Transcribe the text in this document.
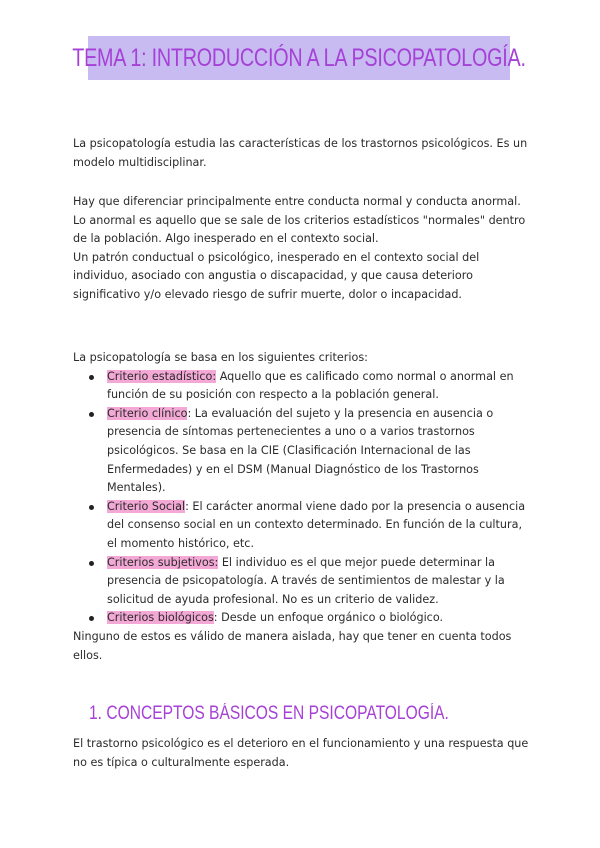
TEMA 1: INTRODUCCIÓN A LA PSICOPATOLOGÍA.
La psicopatología estudia las características de los trastornos psicológicos. Es un modelo multidisciplinar.
Hay que diferenciar principalmente entre conducta normal y conducta anormal.
Lo anormal es aquello que se sale de los criterios estadísticos "normales" dentro de la población. Algo inesperado en el contexto social.
Un patrón conductual o psicológico, inesperado en el contexto social del individuo, asociado con angustia o discapacidad, y que causa deterioro significativo y/o elevado riesgo de sufrir muerte, dolor o incapacidad.
La psicopatología se basa en los siguientes criterios:
Criterio estadístico: Aquello que es calificado como normal o anormal en función de su posición con respecto a la población general.
Criterio clínico: La evaluación del sujeto y la presencia en ausencia o presencia de síntomas pertenecientes a uno o a varios trastornos psicológicos. Se basa en la CIE (Clasificación Internacional de las Enfermedades) y en el DSM (Manual Diagnóstico de los Trastornos Mentales).
Criterio Social: El carácter anormal viene dado por la presencia o ausencia del consenso social en un contexto determinado. En función de la cultura, el momento histórico, etc.
Criterios subjetivos: El individuo es el que mejor puede determinar la presencia de psicopatología. A través de sentimientos de malestar y la solicitud de ayuda profesional. No es un criterio de validez.
Criterios biológicos: Desde un enfoque orgánico o biológico.
Ninguno de estos es válido de manera aislada, hay que tener en cuenta todos ellos.
1. CONCEPTOS BÁSICOS EN PSICOPATOLOGÍA.
El trastorno psicológico es el deterioro en el funcionamiento y una respuesta que no es típica o culturalmente esperada.
